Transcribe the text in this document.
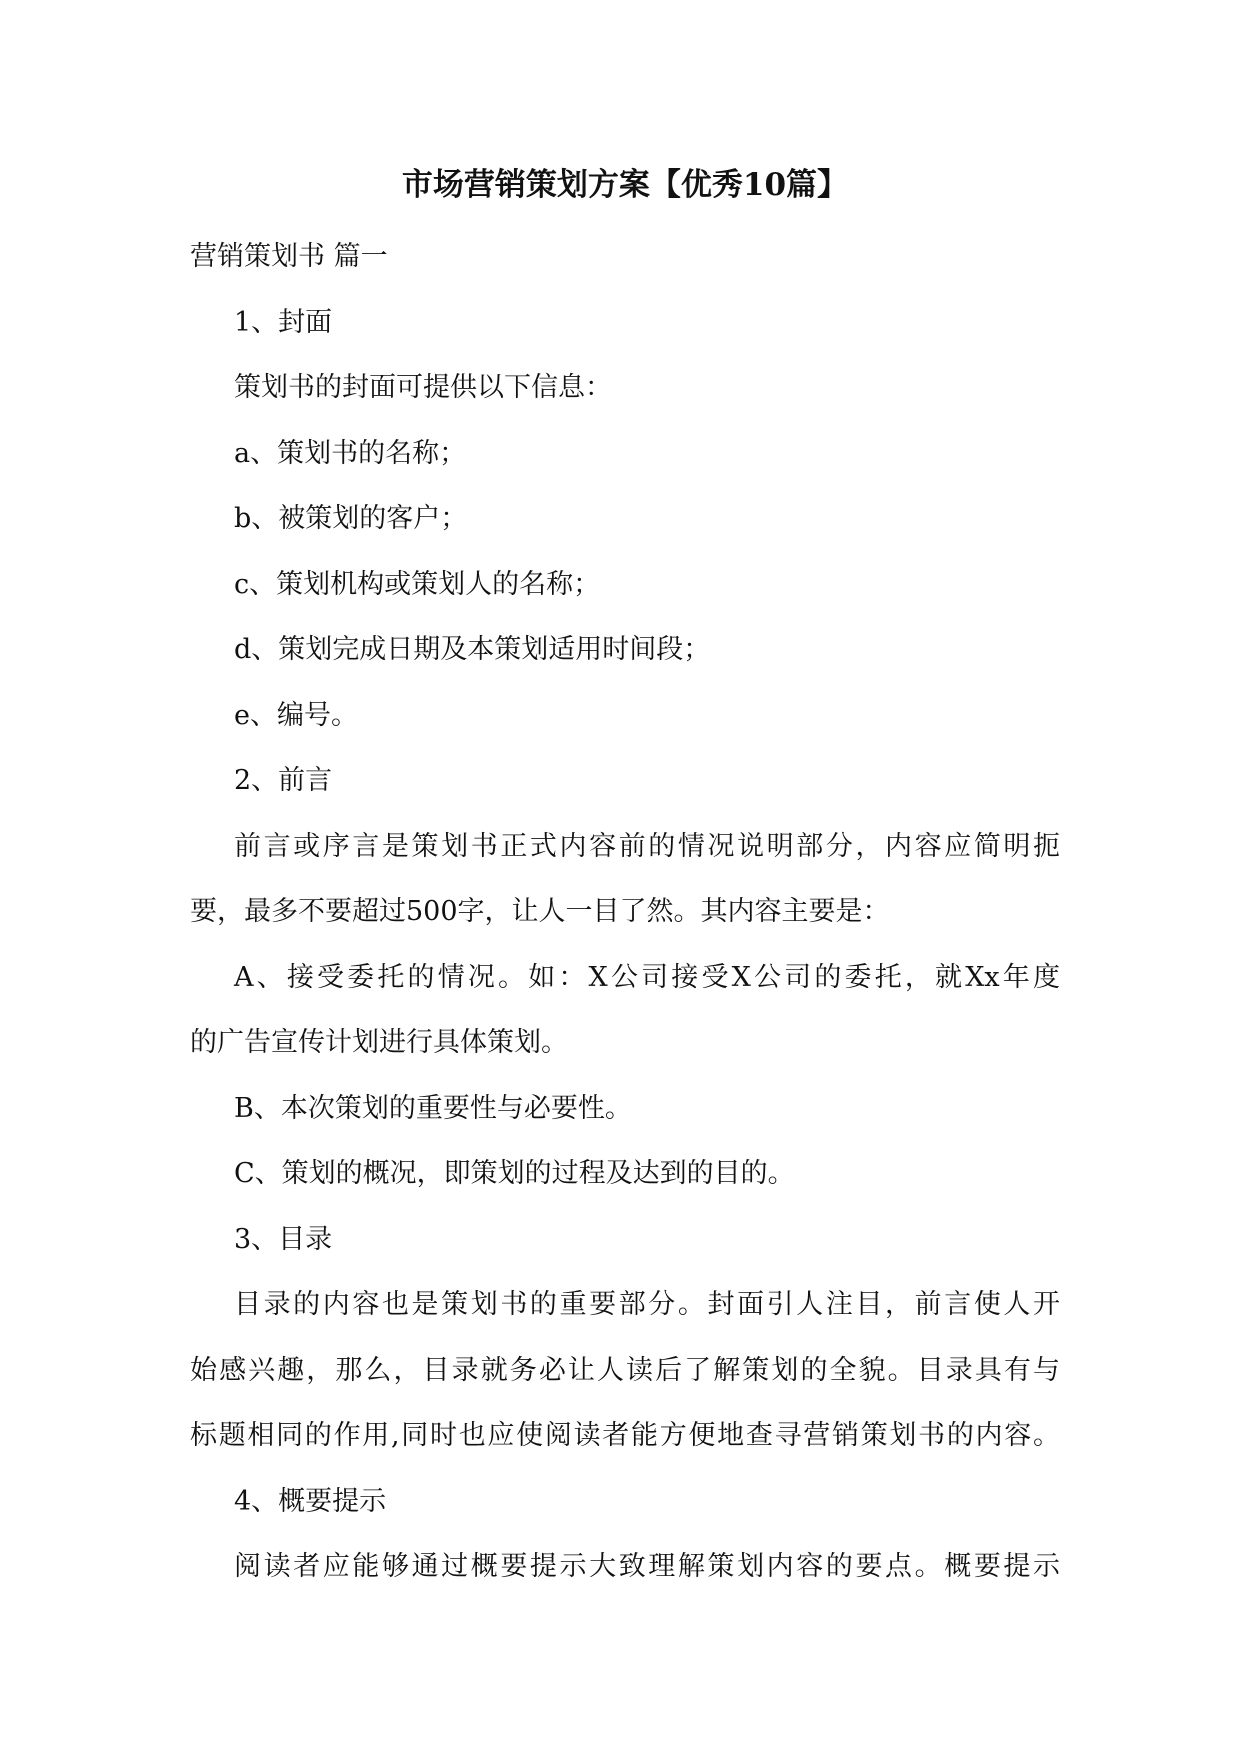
市场营销策划方案【优秀10篇】

营销策划书 篇一

1、封面

策划书的封面可提供以下信息：

a、策划书的名称；

b、被策划的客户；

c、策划机构或策划人的名称；

d、策划完成日期及本策划适用时间段；

e、编号。

2、前言

前言或序言是策划书正式内容前的情况说明部分，内容应简明扼

要，最多不要超过500字，让人一目了然。其内容主要是：

A、接受委托的情况。如：X公司接受X公司的委托，就Xx年度

的广告宣传计划进行具体策划。

B、本次策划的重要性与必要性。

C、策划的概况，即策划的过程及达到的目的。

3、目录

目录的内容也是策划书的重要部分。封面引人注目，前言使人开

始感兴趣，那么，目录就务必让人读后了解策划的全貌。目录具有与

标题相同的作用,同时也应使阅读者能方便地查寻营销策划书的内容。

4、概要提示

阅读者应能够通过概要提示大致理解策划内容的要点。概要提示
